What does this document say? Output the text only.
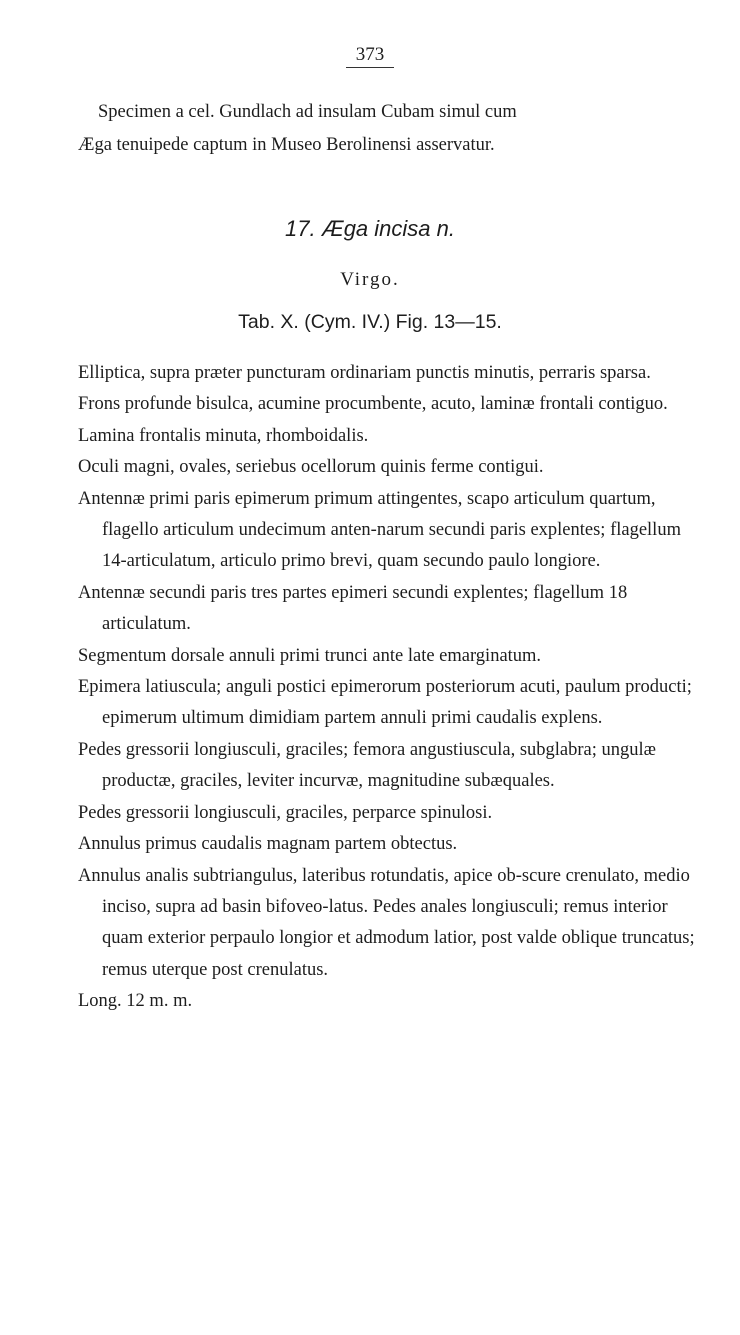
373

Specimen a cel. Gundlach ad insulam Cubam simul cum

Æga tenuipede captum in Museo Berolinensi asservatur.

17. Æga incisa n.
Virgo.
Tab. X. (Cym. IV.) Fig. 13—15.

Elliptica, supra præter puncturam ordinariam punctis minutis, perraris sparsa.

Frons profunde bisulca, acumine procumbente, acuto, laminæ frontali contiguo.

Lamina frontalis minuta, rhomboidalis.

Oculi magni, ovales, seriebus ocellorum quinis ferme contigui.

Antennæ primi paris epimerum primum attingentes, scapo articulum quartum, flagello articulum undecimum anten-narum secundi paris explentes; flagellum 14-articulatum, articulo primo brevi, quam secundo paulo longiore.

Antennæ secundi paris tres partes epimeri secundi explentes; flagellum 18 articulatum.

Segmentum dorsale annuli primi trunci ante late emarginatum.

Epimera latiuscula; anguli postici epimerorum posteriorum acuti, paulum producti; epimerum ultimum dimidiam partem annuli primi caudalis explens.

Pedes gressorii longiusculi, graciles; femora angustiuscula, subglabra; ungulæ productæ, graciles, leviter incurvæ, magnitudine subæquales.

Pedes gressorii longiusculi, graciles, perparce spinulosi.

Annulus primus caudalis magnam partem obtectus.

Annulus analis subtriangulus, lateribus rotundatis, apice ob-scure crenulato, medio inciso, supra ad basin bifoveo-latus. Pedes anales longiusculi; remus interior quam exterior perpaulo longior et admodum latior, post valde oblique truncatus; remus uterque post crenulatus.

Long. 12 m. m.
